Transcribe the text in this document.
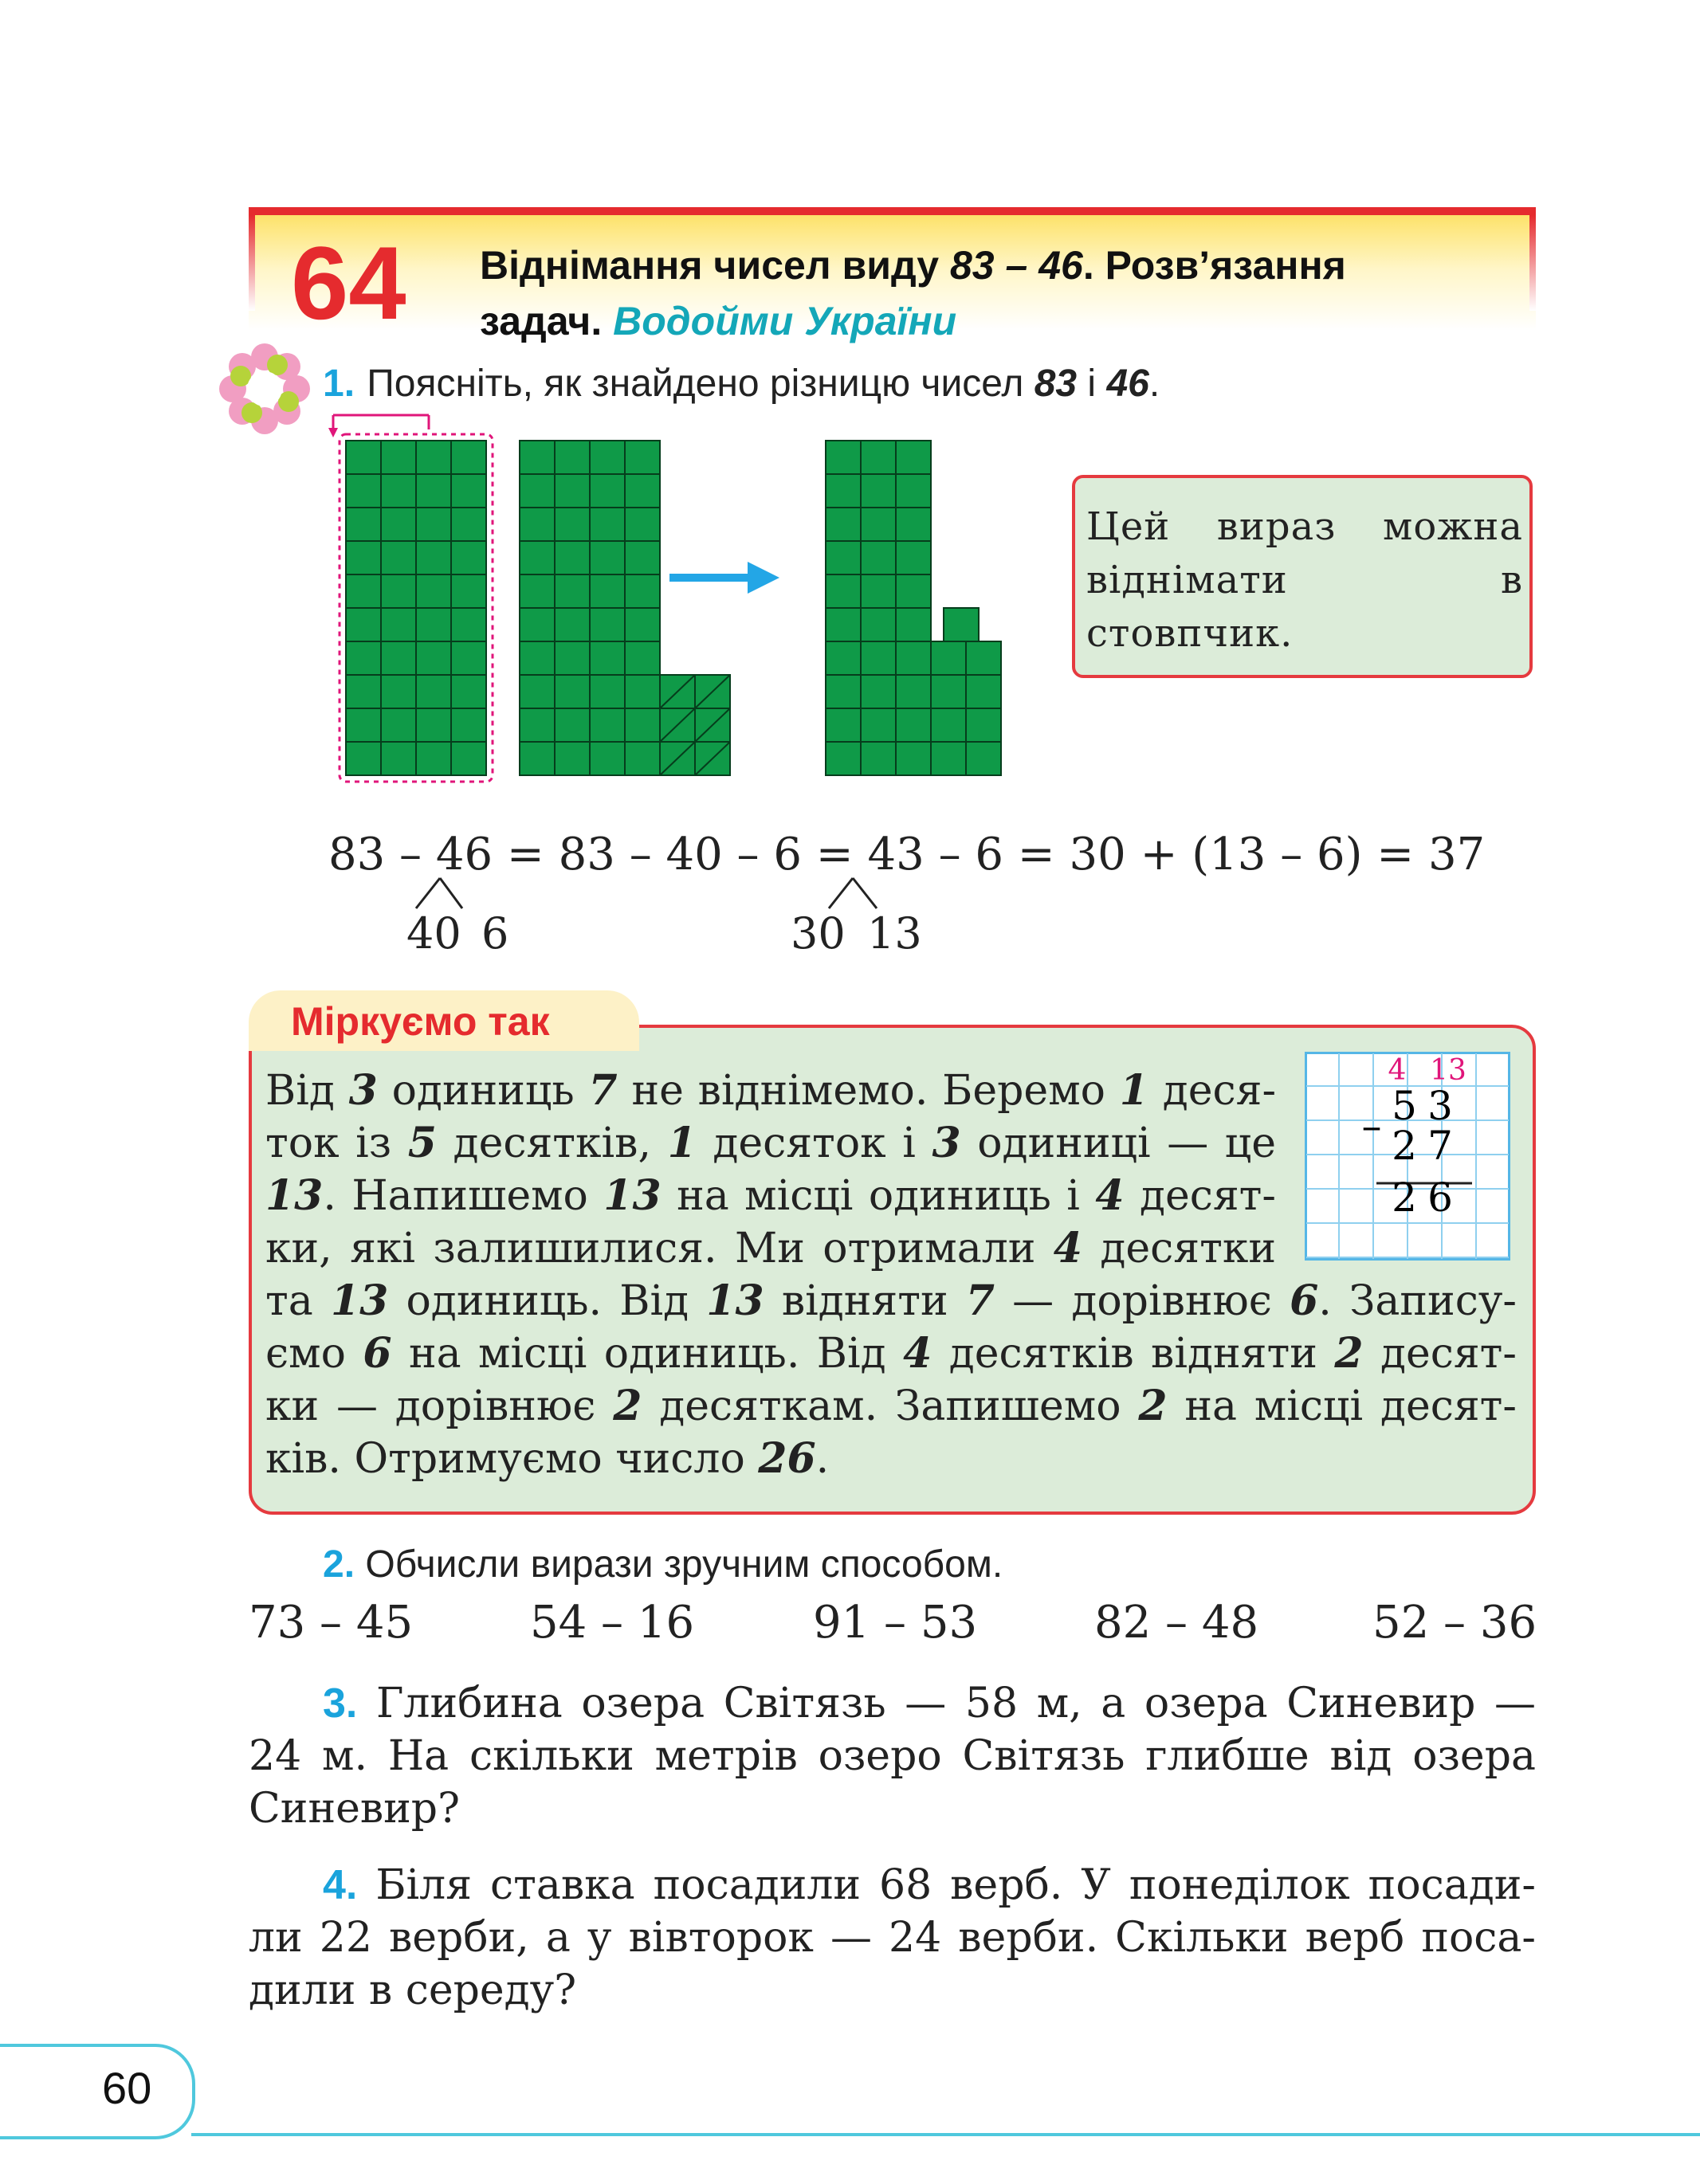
64 Віднімання чисел виду 83 – 46. Розв’язання
задач. Водойми України
1. Поясніть, як знайдено різницю чисел 83 і 46.
Цей вираз можна віднімати в стовпчик.
83 – 46 = 83 – 40 – 6 = 43 – 6 = 30 + (13 – 6) = 37
40 6	30 13
Міркуємо так

Від 3 одиниць 7 не віднімемо. Беремо 1 деся-

ток із 5 десятків, 1 десяток і 3 одиниці — це

13. Напишемо 13 на місці одиниць і 4 десят-

ки, які залишилися. Ми отримали 4 десятки

та 13 одиниць. Від 13 відняти 7 — дорівнює 6. Запису-

ємо 6 на місці одиниць. Від 4 десятків відняти 2 десят-

ки — дорівнює 2 десяткам. Запишемо 2 на місці десят-

ків. Отримуємо число 26.

4 13
5 3
– 2 7
2 6
2. Обчисли вирази зручним способом.
73 – 45	54 – 16	91 – 53	82 – 48	52 – 36

3. Глибина озера Світязь — 58 м, а озера Синевир —

24 м. На скільки метрів озеро Світязь глибше від озера

Синевир?

4. Біля ставка посадили 68 верб. У понеділок посади-

ли 22 верби, а у вівторок — 24 верби. Скільки верб поса-

дили в середу?

60
